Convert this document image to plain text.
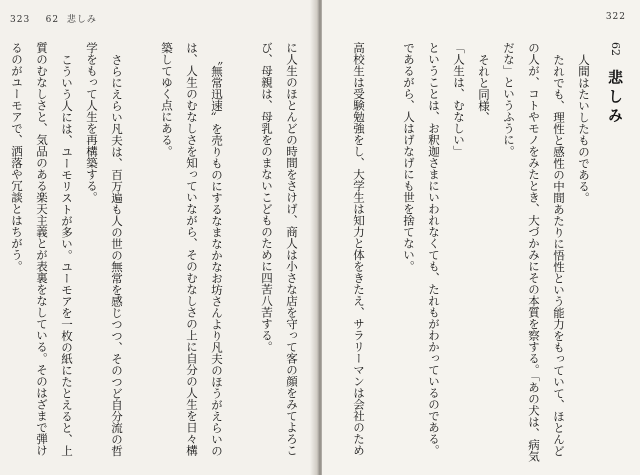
323 62 悲しみ

に人生のほとんどの時間をさけげ、商人は小さな店を守って客の顔をみてよろこび、母親は、母乳をのまないこどものために四苦八苦する。

〝無常迅速〟を売りものにするなまなかなお坊さんより凡夫のほうがえらいのは、人生のむなしさを知っていながら、そのむなしさの上に自分の人生を日々構築してゆく点にある。

さらにえらい凡夫は、百万遍も人の世の無常を感じつつ、そのつど自分流の哲学をもって人生を再構築する。

こういう人には、ユーモリストが多い。ユーモアを一枚の紙にたとえると、上質のむなしさと、気品のある楽天主義とが表裏をなしている。そのはざまで弾けるのがユーモアで、洒落や冗談とはちがう。

322
62 悲しみ

人間はたいしたものである。

たれでも、理性と感性の中間あたりに悟性という能力をもっていて、ほとんどの人が、コトやモノをみたとき、大づかみにその本質を察する。「あの犬は、病気だな」というふうに。

それと同様、

「人生は、むなしい」

ということは、お釈迦さまにいわれなくても、たれもがわかっているのである。

であるがら、人はげなげにも世を捨てない。

高校生は受験勉強をし、大学生は知力と体をきたえ、サラリーマンは会社のため
